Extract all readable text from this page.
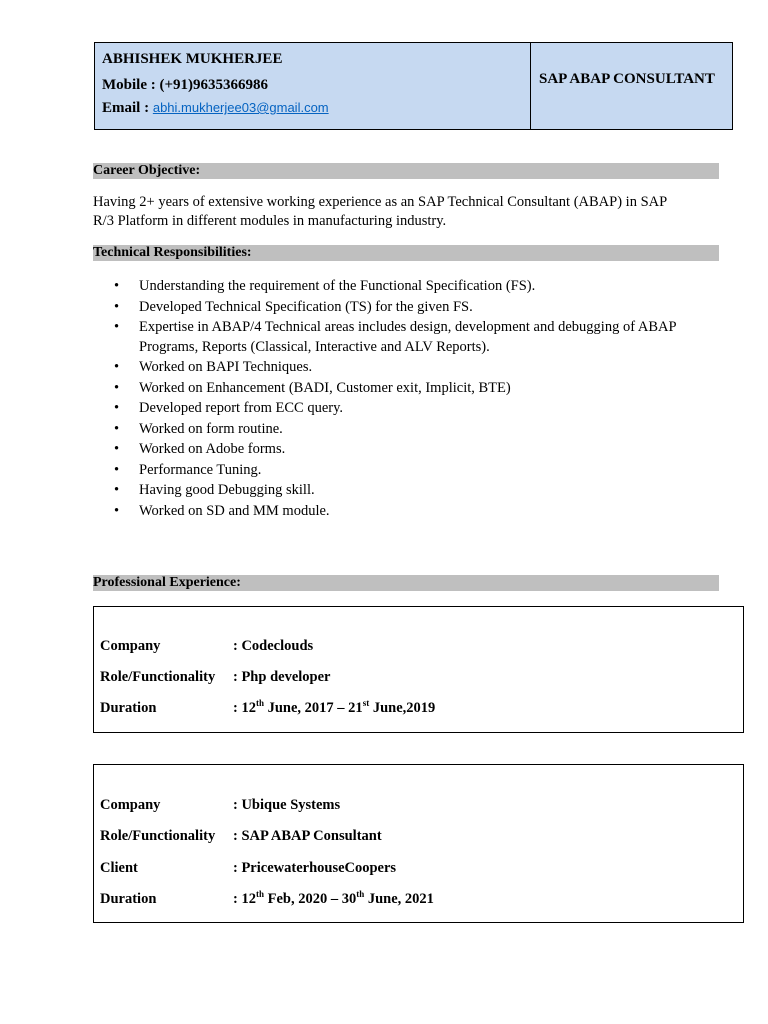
ABHISHEK MUKHERJEE
Mobile : (+91)9635366986
Email : abhi.mukherjee03@gmail.com
SAP ABAP CONSULTANT
Career Objective:
Having 2+ years of extensive working experience as an SAP Technical Consultant (ABAP) in SAP
R/3 Platform in different modules in manufacturing industry.
Technical Responsibilities:
• Understanding the requirement of the Functional Specification (FS).
• Developed Technical Specification (TS) for the given FS.
• Expertise in ABAP/4 Technical areas includes design, development and debugging of ABAP
Programs, Reports (Classical, Interactive and ALV Reports).
• Worked on BAPI Techniques.
• Worked on Enhancement (BADI, Customer exit, Implicit, BTE)
• Developed report from ECC query.
• Worked on form routine.
• Worked on Adobe forms.
• Performance Tuning.
• Having good Debugging skill.
• Worked on SD and MM module.
Professional Experience:
Company	: Codeclouds
Role/Functionality : Php developer
Duration	: 12th June, 2017 – 21st June,2019
Company	: Ubique Systems
Role/Functionality : SAP ABAP Consultant
Client	: PricewaterhouseCoopers
Duration	: 12th Feb, 2020 – 30th June, 2021
